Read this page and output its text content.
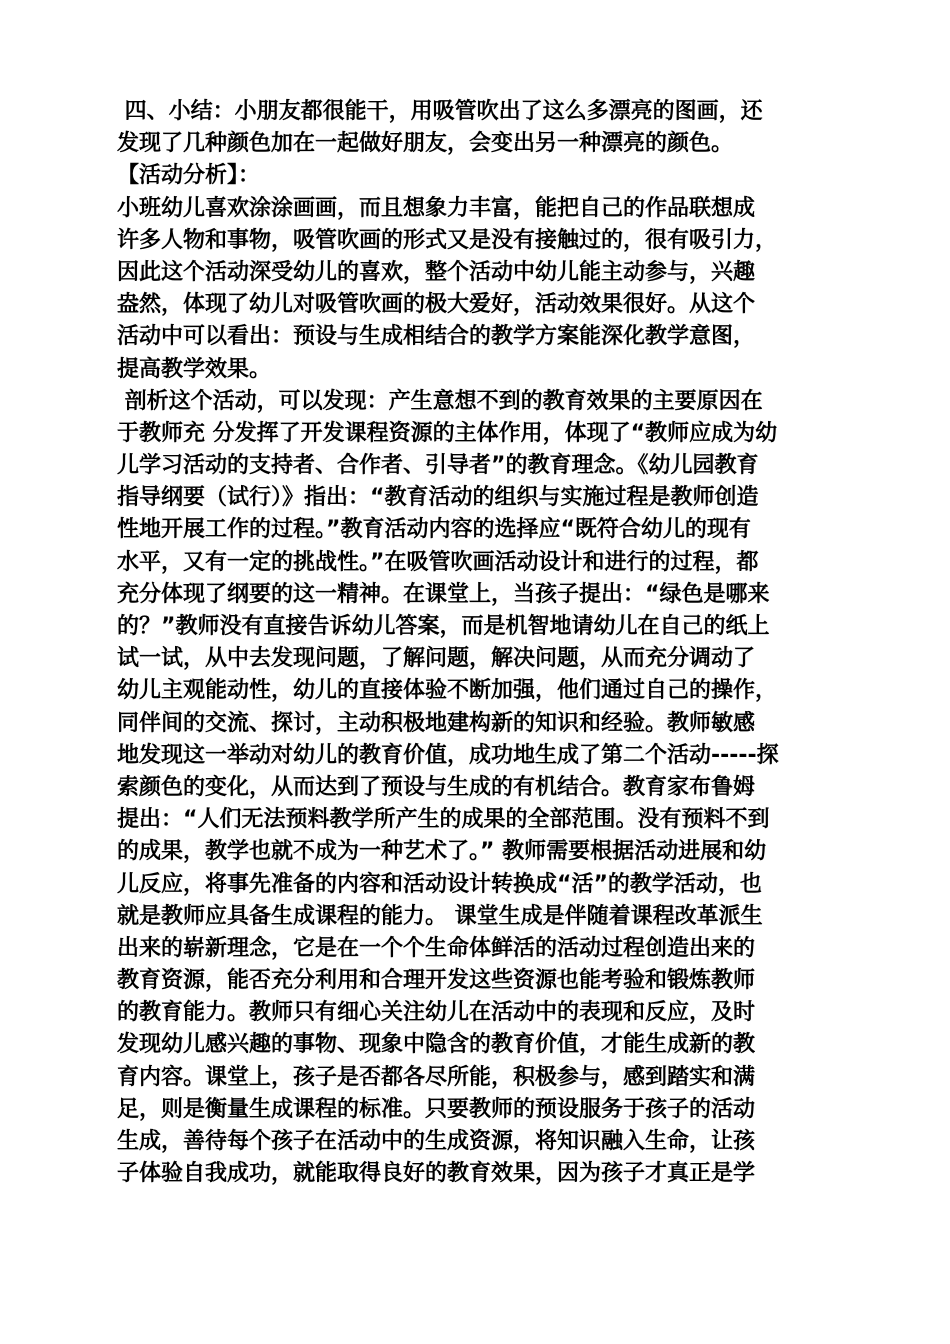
四、小结：小朋友都很能干，用吸管吹出了这么多漂亮的图画，还
发现了几种颜色加在一起做好朋友，会变出另一种漂亮的颜色。
【活动分析】：
小班幼儿喜欢涂涂画画，而且想象力丰富，能把自己的作品联想成
许多人物和事物，吸管吹画的形式又是没有接触过的，很有吸引力，
因此这个活动深受幼儿的喜欢，整个活动中幼儿能主动参与，兴趣
盎然，体现了幼儿对吸管吹画的极大爱好，活动效果很好。从这个
活动中可以看出：预设与生成相结合的教学方案能深化教学意图，
提高教学效果。
剖析这个活动，可以发现：产生意想不到的教育效果的主要原因在
于教师充 分发挥了开发课程资源的主体作用，体现了“教师应成为幼
儿学习活动的支持者、合作者、引导者”的教育理念。《幼儿园教育
指导纲要（试行）》指出：“教育活动的组织与实施过程是教师创造
性地开展工作的过程。”教育活动内容的选择应“既符合幼儿的现有
水平，又有一定的挑战性。”在吸管吹画活动设计和进行的过程，都
充分体现了纲要的这一精神。在课堂上，当孩子提出：“绿色是哪来
的？”教师没有直接告诉幼儿答案，而是机智地请幼儿在自己的纸上
试一试，从中去发现问题，了解问题，解决问题，从而充分调动了
幼儿主观能动性，幼儿的直接体验不断加强，他们通过自己的操作，
同伴间的交流、探讨，主动积极地建构新的知识和经验。教师敏感
地发现这一举动对幼儿的教育价值，成功地生成了第二个活动-----探
索颜色的变化，从而达到了预设与生成的有机结合。教育家布鲁姆
提出：“人们无法预料教学所产生的成果的全部范围。没有预料不到
的成果，教学也就不成为一种艺术了。” 教师需要根据活动进展和幼
儿反应，将事先准备的内容和活动设计转换成“活”的教学活动，也
就是教师应具备生成课程的能力。 课堂生成是伴随着课程改革派生
出来的崭新理念，它是在一个个生命体鲜活的活动过程创造出来的
教育资源，能否充分利用和合理开发这些资源也能考验和锻炼教师
的教育能力。教师只有细心关注幼儿在活动中的表现和反应，及时
发现幼儿感兴趣的事物、现象中隐含的教育价值，才能生成新的教
育内容。课堂上，孩子是否都各尽所能，积极参与，感到踏实和满
足，则是衡量生成课程的标准。只要教师的预设服务于孩子的活动
生成，善待每个孩子在活动中的生成资源，将知识融入生命，让孩
子体验自我成功，就能取得良好的教育效果，因为孩子才真正是学
